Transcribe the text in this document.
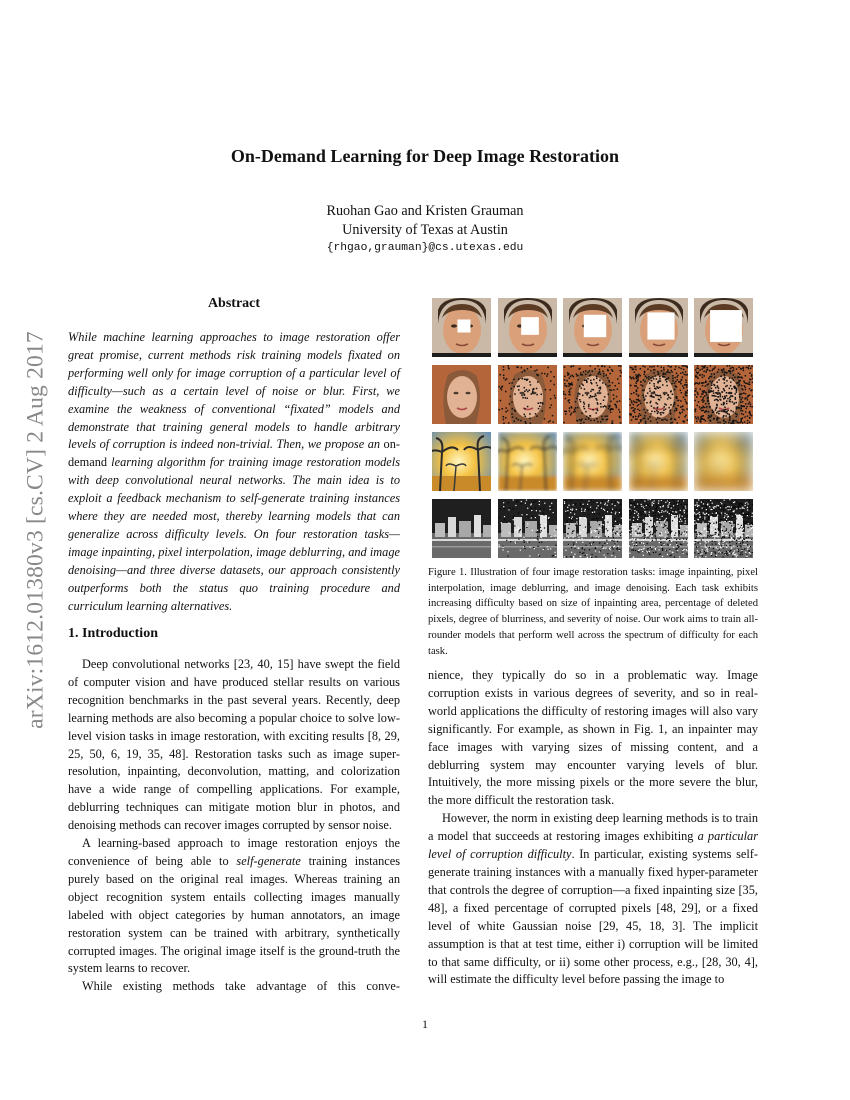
On-Demand Learning for Deep Image Restoration
Ruohan Gao and Kristen Grauman
University of Texas at Austin
{rhgao,grauman}@cs.utexas.edu
arXiv:1612.01380v3 [cs.CV] 2 Aug 2017
Abstract

While machine learning approaches to image restoration offer great promise, current methods risk training models fixated on performing well only for image corruption of a particular level of difficulty—such as a certain level of noise or blur. First, we examine the weakness of conventional “fixated” models and demonstrate that training general models to handle arbitrary levels of corruption is indeed non-trivial. Then, we propose an on-demand learning algorithm for training image restoration models with deep convolutional neural networks. The main idea is to exploit a feedback mechanism to self-generate training instances where they are needed most, thereby learning models that can generalize across difficulty levels. On four restoration tasks—image inpainting, pixel interpolation, image deblurring, and image denoising—and three diverse datasets, our approach consistently outperforms both the status quo training procedure and curriculum learning alternatives.

1. Introduction

Deep convolutional networks [23, 40, 15] have swept the field of computer vision and have produced stellar results on various recognition benchmarks in the past several years. Recently, deep learning methods are also becoming a popular choice to solve low-level vision tasks in image restoration, with exciting results [8, 29, 25, 50, 6, 19, 35, 48]. Restoration tasks such as image super-resolution, inpainting, deconvolution, matting, and colorization have a wide range of compelling applications. For example, deblurring techniques can mitigate motion blur in photos, and denoising methods can recover images corrupted by sensor noise.

A learning-based approach to image restoration enjoys the convenience of being able to self-generate training instances purely based on the original real images. Whereas training an object recognition system entails collecting images manually labeled with object categories by human annotators, an image restoration system can be trained with arbitrary, synthetically corrupted images. The original image itself is the ground-truth the system learns to recover.

While existing methods take advantage of this conve-

Figure 1. Illustration of four image restoration tasks: image inpainting, pixel interpolation, image deblurring, and image denoising. Each task exhibits increasing difficulty based on size of inpainting area, percentage of deleted pixels, degree of blurriness, and severity of noise. Our work aims to train all-rounder models that perform well across the spectrum of difficulty for each task.

nience, they typically do so in a problematic way. Image corruption exists in various degrees of severity, and so in real-world applications the difficulty of restoring images will also vary significantly. For example, as shown in Fig. 1, an inpainter may face images with varying sizes of missing content, and a deblurring system may encounter varying levels of blur. Intuitively, the more missing pixels or the more severe the blur, the more difficult the restoration task.

However, the norm in existing deep learning methods is to train a model that succeeds at restoring images exhibiting a particular level of corruption difficulty. In particular, existing systems self-generate training instances with a manually fixed hyper-parameter that controls the degree of corruption—a fixed inpainting size [35, 48], a fixed percentage of corrupted pixels [48, 29], or a fixed level of white Gaussian noise [29, 45, 18, 3]. The implicit assumption is that at test time, either i) corruption will be limited to that same difficulty, or ii) some other process, e.g., [28, 30, 4], will estimate the difficulty level before passing the image to

1
